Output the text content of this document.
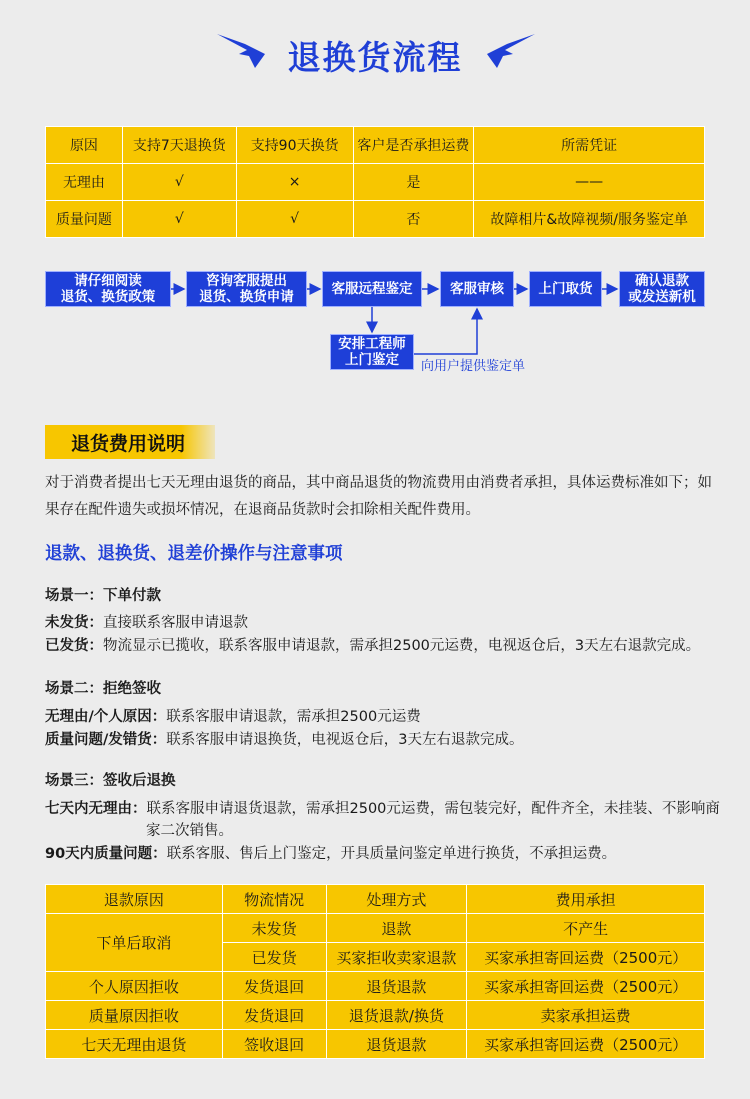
退换货流程
原因	支持7天退换货	支持90天换货	客户是否承担运费	所需凭证
无理由	√	×	是	——
质量问题	√	√	否	故障相片&故障视频/服务鉴定单
请仔细阅读
退货、换货政策
咨询客服提出
退货、换货申请	客服远程鉴定	客服审核	上门取货	确认退款
或发送新机
安排工程师
上门鉴定	向用户提供鉴定单
退货费用说明
对于消费者提出七天无理由退货的商品，其中商品退货的物流费用由消费者承担，具体运费标准如下；如果存在配件遗失或损坏情况，在退商品货款时会扣除相关配件费用。
退款、退换货、退差价操作与注意事项
场景一：下单付款
未发货：直接联系客服申请退款
已发货：物流显示已揽收，联系客服申请退款，需承担2500元运费，电视返仓后，3天左右退款完成。
场景二：拒绝签收
无理由/个人原因：联系客服申请退款，需承担2500元运费
质量问题/发错货：联系客服申请退换货，电视返仓后，3天左右退款完成。
场景三：签收后退换
七天内无理由： 联系客服申请退货退款，需承担2500元运费，需包装完好，配件齐全，未挂装、不影响商家二次销售。
90天内质量问题：联系客服、售后上门鉴定，开具质量问鉴定单进行换货，不承担运费。
退款原因	物流情况	处理方式	费用承担
下单后取消	未发货	退款	不产生
	已发货	买家拒收卖家退款	买家承担寄回运费（2500元）
个人原因拒收	发货退回	退货退款	买家承担寄回运费（2500元）
质量原因拒收	发货退回	退货退款/换货	卖家承担运费
七天无理由退货	签收退回	退货退款	买家承担寄回运费（2500元）
